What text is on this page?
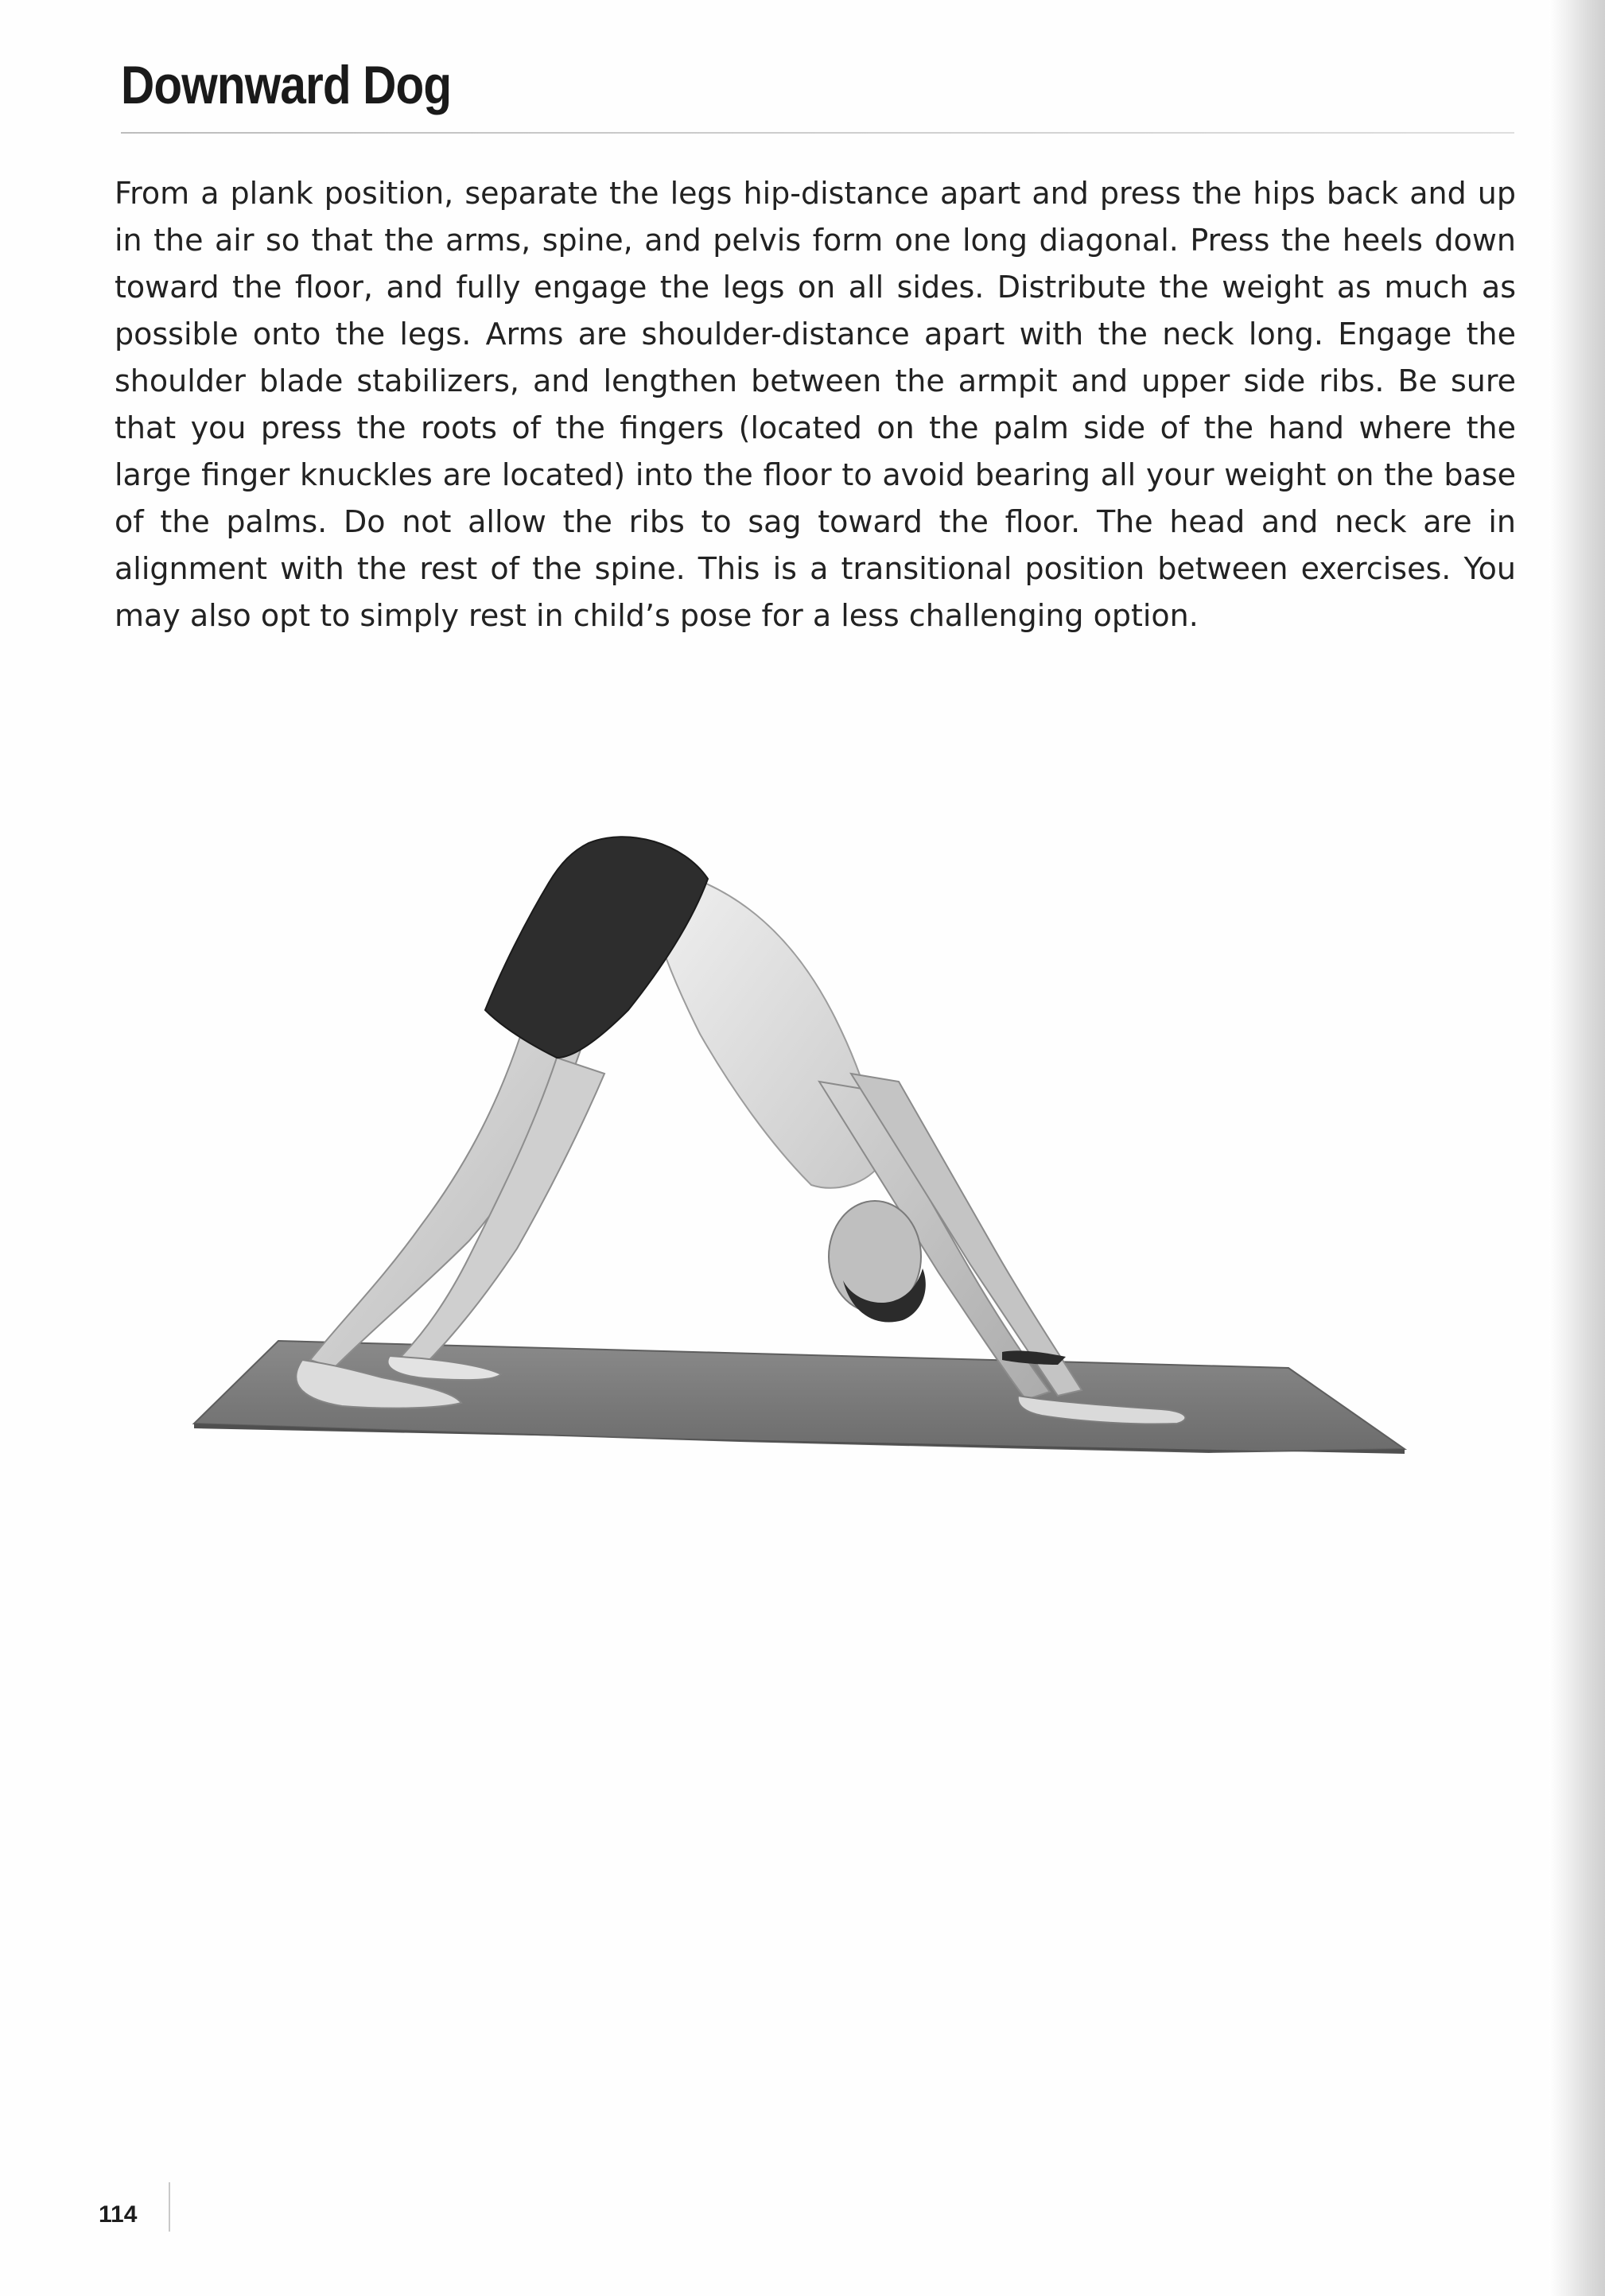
Downward Dog

From a plank position, separate the legs hip-distance apart and press the hips back and up in the air so that the arms, spine, and pelvis form one long diagonal. Press the heels down toward the floor, and fully engage the legs on all sides. Distribute the weight as much as possible onto the legs. Arms are shoulder-distance apart with the neck long. Engage the shoulder blade stabilizers, and lengthen between the armpit and upper side ribs. Be sure that you press the roots of the fingers (located on the palm side of the hand where the large finger knuckles are located) into the floor to avoid bearing all your weight on the base of the palms. Do not allow the ribs to sag toward the floor. The head and neck are in alignment with the rest of the spine. This is a transitional position between exercises. You may also opt to simply rest in child’s pose for a less challenging option.

114
